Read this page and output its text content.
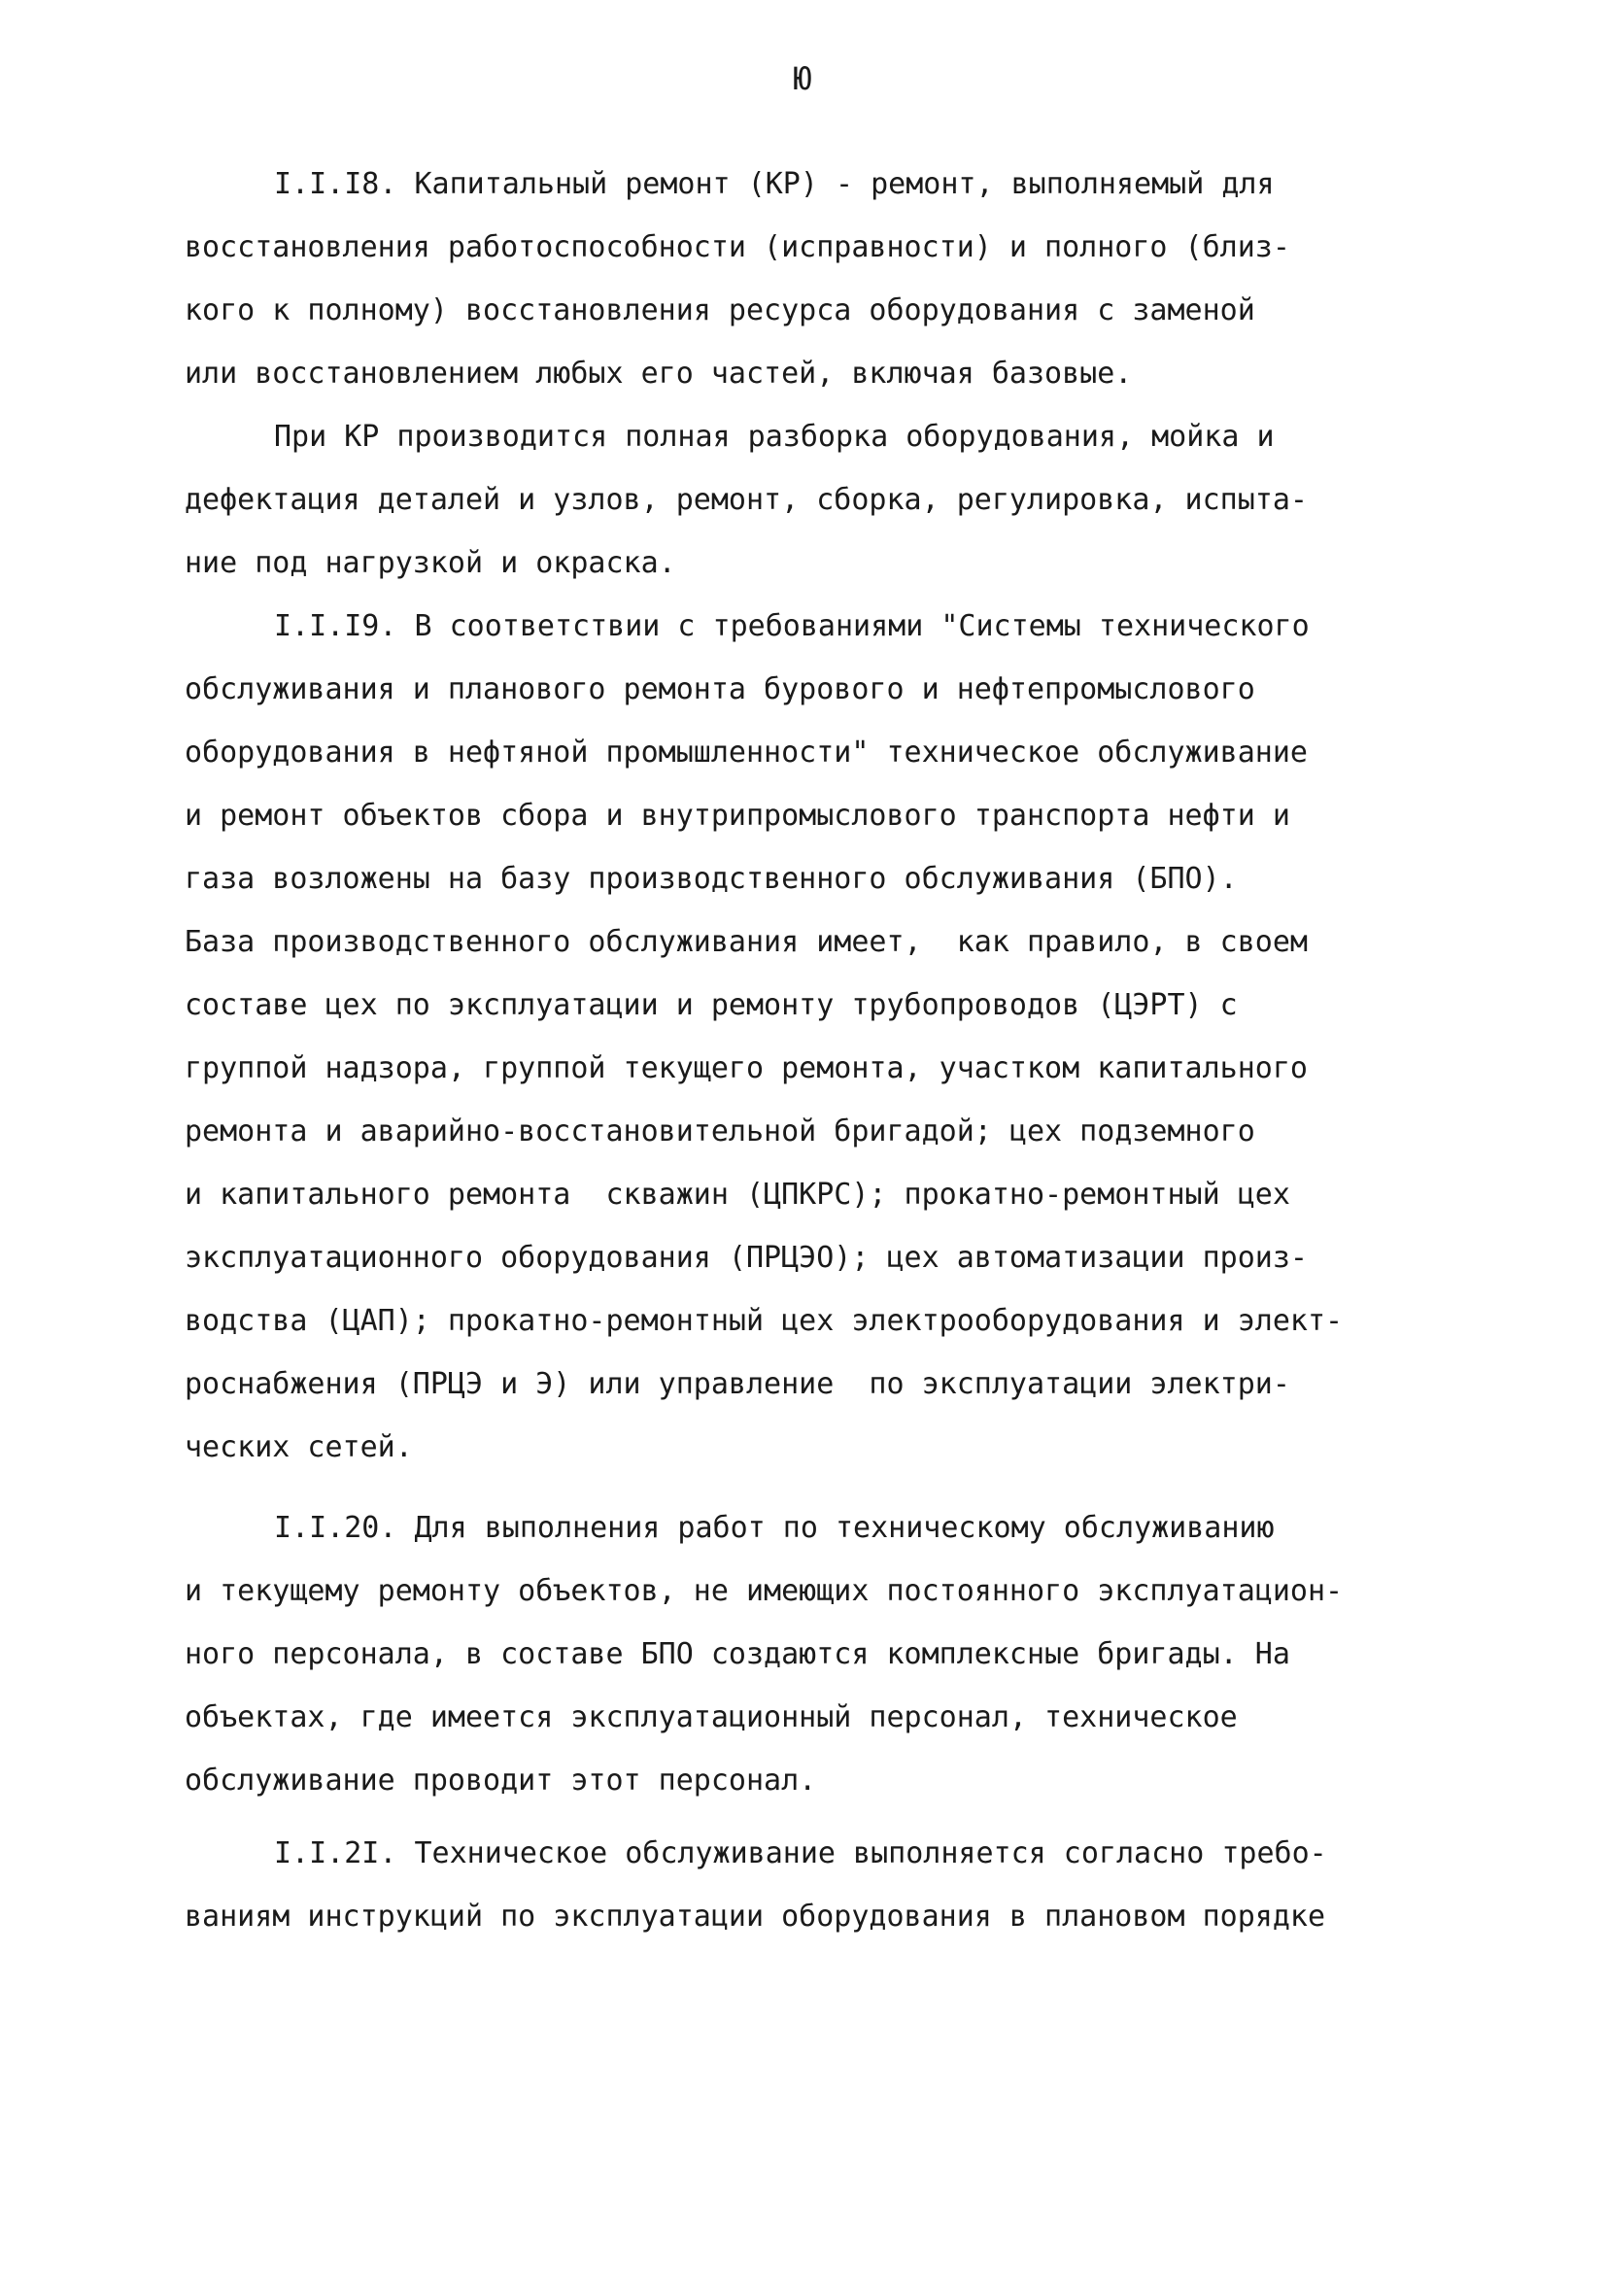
Ю
I.I.I8. Капитальный ремонт (КР) - ремонт, выполняемый для
восстановления работоспособности (исправности) и полного (близ-
кого к полному) восстановления ресурса оборудования с заменой
или восстановлением любых его частей, включая базовые.
При КР производится полная разборка оборудования, мойка и
дефектация деталей и узлов, ремонт, сборка, регулировка, испыта-
ние под нагрузкой и окраска.
I.I.I9. В соответствии с требованиями "Системы технического
обслуживания и планового ремонта бурового и нефтепромыслового
оборудования в нефтяной промышленности" техническое обслуживание
и ремонт объектов сбора и внутрипромыслового транспорта нефти и
газа возложены на базу производственного обслуживания (БПО).
База производственного обслуживания имеет,  как правило, в своем
составе цех по эксплуатации и ремонту трубопроводов (ЦЭРТ) с
группой надзора, группой текущего ремонта, участком капитального
ремонта и аварийно-восстановительной бригадой; цех подземного
и капитального ремонта  скважин (ЦПКРС); прокатно-ремонтный цех
эксплуатационного оборудования (ПРЦЭО); цех автоматизации произ-
водства (ЦАП); прокатно-ремонтный цех электрооборудования и элект-
роснабжения (ПРЦЭ и Э) или управление  по эксплуатации электри-
ческих сетей.
I.I.20. Для выполнения работ по техническому обслуживанию
и текущему ремонту объектов, не имеющих постоянного эксплуатацион-
ного персонала, в составе БПО создаются комплексные бригады. На
объектах, где имеется эксплуатационный персонал, техническое
обслуживание проводит этот персонал.
I.I.2I. Техническое обслуживание выполняется согласно требо-
ваниям инструкций по эксплуатации оборудования в плановом порядке
